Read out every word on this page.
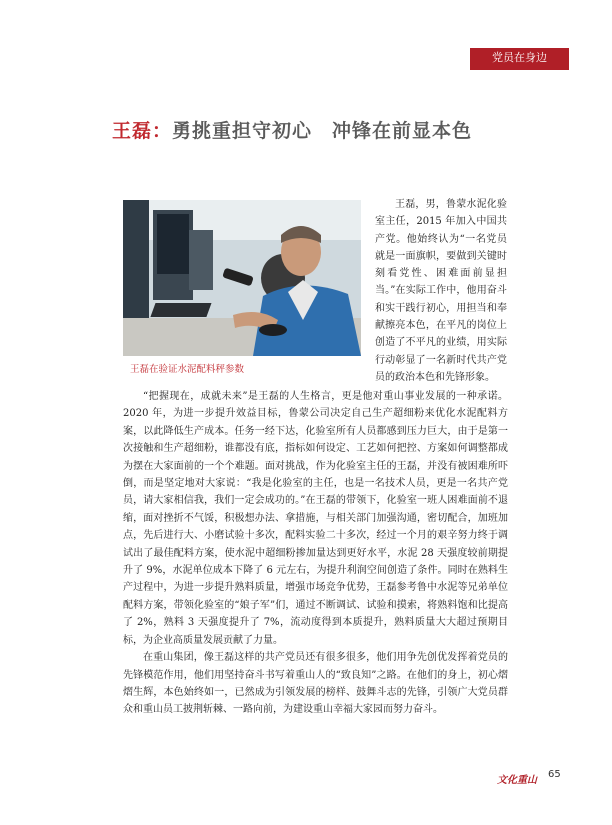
党员在身边
王磊：勇挑重担守初心　冲锋在前显本色
王磊在验证水泥配料秤参数

王磊，男，鲁蒙水泥化验室主任，2015 年加入中国共产党。他始终认为“一名党员就是一面旗帜，要做到关键时刻看党性、困难面前显担当。”在实际工作中，他用奋斗和实干践行初心，用担当和奉献擦亮本色，在平凡的岗位上创造了不平凡的业绩，用实际行动彰显了一名新时代共产党员的政治本色和先锋形象。

“把握现在，成就未来”是王磊的人生格言，更是他对重山事业发展的一种承诺。2020 年，为进一步提升效益目标，鲁蒙公司决定自己生产超细粉来优化水泥配料方案，以此降低生产成本。任务一经下达，化验室所有人员都感到压力巨大，由于是第一次接触和生产超细粉，谁都没有底，指标如何设定、工艺如何把控、方案如何调整都成为摆在大家面前的一个个难题。面对挑战，作为化验室主任的王磊，并没有被困难所吓倒，而是坚定地对大家说：“我是化验室的主任，也是一名技术人员，更是一名共产党员，请大家相信我，我们一定会成功的。”在王磊的带领下，化验室一班人困难面前不退缩，面对挫折不气馁，积极想办法、拿措施，与相关部门加强沟通，密切配合，加班加点，先后进行大、小磨试验十多次，配料实验二十多次，经过一个月的艰辛努力终于调试出了最佳配料方案，使水泥中超细粉掺加量达到更好水平，水泥 28 天强度较前期提升了 9%，水泥单位成本下降了 6 元左右，为提升利润空间创造了条件。同时在熟料生产过程中，为进一步提升熟料质量，增强市场竞争优势，王磊参考鲁中水泥等兄弟单位配料方案，带领化验室的“娘子军”们，通过不断调试、试验和摸索，将熟料饱和比提高了 2%，熟料 3 天强度提升了 7%，流动度得到本质提升，熟料质量大大超过预期目标，为企业高质量发展贡献了力量。

在重山集团，像王磊这样的共产党员还有很多很多，他们用争先创优发挥着党员的先锋模范作用，他们用坚持奋斗书写着重山人的“致良知”之路。在他们的身上，初心熠熠生辉，本色始终如一，已然成为引领发展的榜样、鼓舞斗志的先锋，引领广大党员群众和重山员工披荆斩棘、一路向前，为建设重山幸福大家园而努力奋斗。

文化重山
65
